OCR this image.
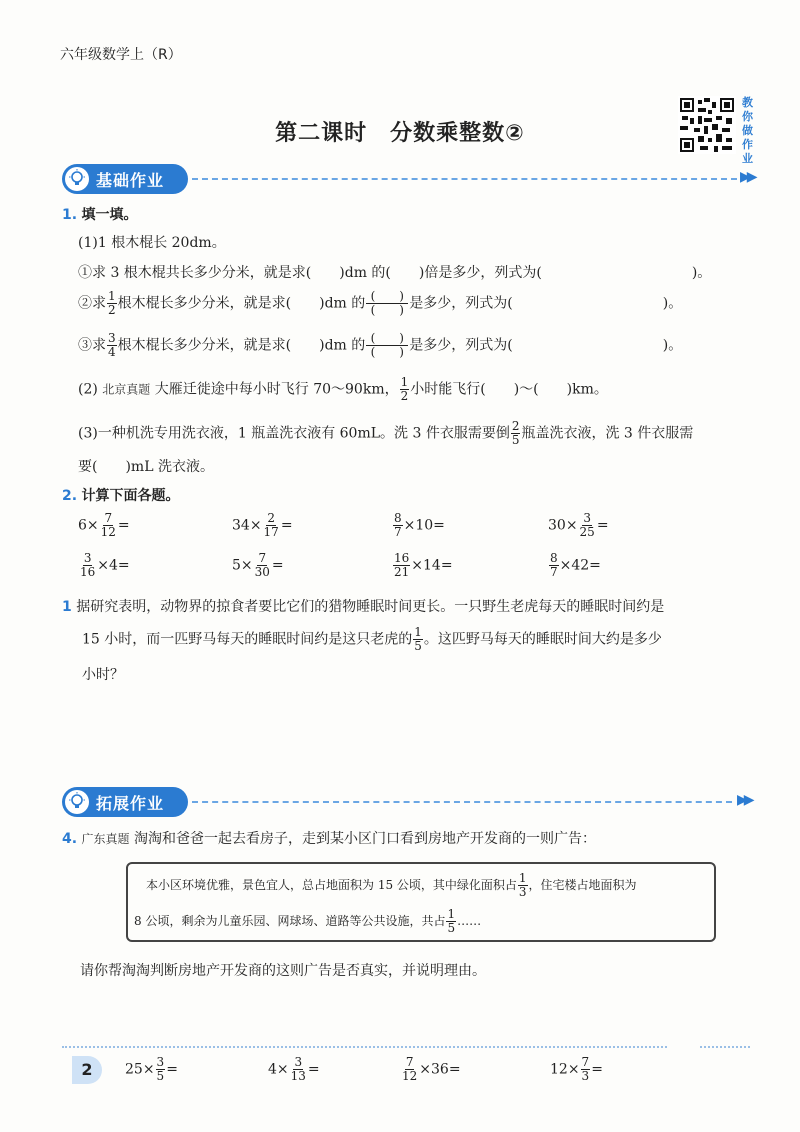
六年级数学上（R）
第二课时　分数乘整数②
教
你
做
作
业
基础作业	▶▶
1. 填一填。
(1)1 根木棍长 20dm。
①求 3 根木棍共长多少分米，就是求(　　)dm 的(　　)倍是多少，列式为(	)。
②求 $\frac{1}{2}$ 根木棍长多少分米，就是求(　　)dm 的 $\frac{( )}{( )}$ 是多少，列式为(	)。
③求 $\frac{3}{4}$ 根木棍长多少分米，就是求(　　)dm 的 $\frac{( )}{( )}$ 是多少，列式为(	)。
(2) 北京真题 大雁迁徙途中每小时飞行 70～90km， $\frac{1}{2}$ 小时能飞行(　　)～(　　)km。
(3)一种机洗专用洗衣液，1 瓶盖洗衣液有 60mL。洗 3 件衣服需要倒 $\frac{2}{5}$ 瓶盖洗衣液，洗 3 件衣服需
要(　　)mL 洗衣液。
2. 计算下面各题。
$6\times \frac{7}{12}$ =	$34\times \frac{2}{17}$ =	$\frac{8}{7} \times 10=$	$30\times \frac{3}{25}$ =
$\frac{3}{16} \times 4=$	$5\times \frac{7}{30}$ =	$\frac{16}{21} \times 14=$	$\frac{8}{7} \times 42=$
1 据研究表明，动物界的掠食者要比它们的猎物睡眠时间更长。一只野生老虎每天的睡眠时间约是
15 小时，而一匹野马每天的睡眠时间约是这只老虎的 $\frac{1}{5}$ 。这匹野马每天的睡眠时间大约是多少
小时？
拓展作业	▶▶
4. 广东真题 淘淘和爸爸一起去看房子，走到某小区门口看到房地产开发商的一则广告：
本小区环境优雅，景色宜人，总占地面积为 15 公顷，其中绿化面积占 $\frac{1}{3}$ ，住宅楼占地面积为
8 公顷，剩余为儿童乐园、网球场、道路等公共设施，共占 $\frac{1}{5}$ ……
请你帮淘淘判断房地产开发商的这则广告是否真实，并说明理由。
2	$25\times \frac{3}{5}$ =	$4\times \frac{3}{13}$ =	$\frac{7}{12} \times 36=$	$12\times \frac{7}{3}$ =
